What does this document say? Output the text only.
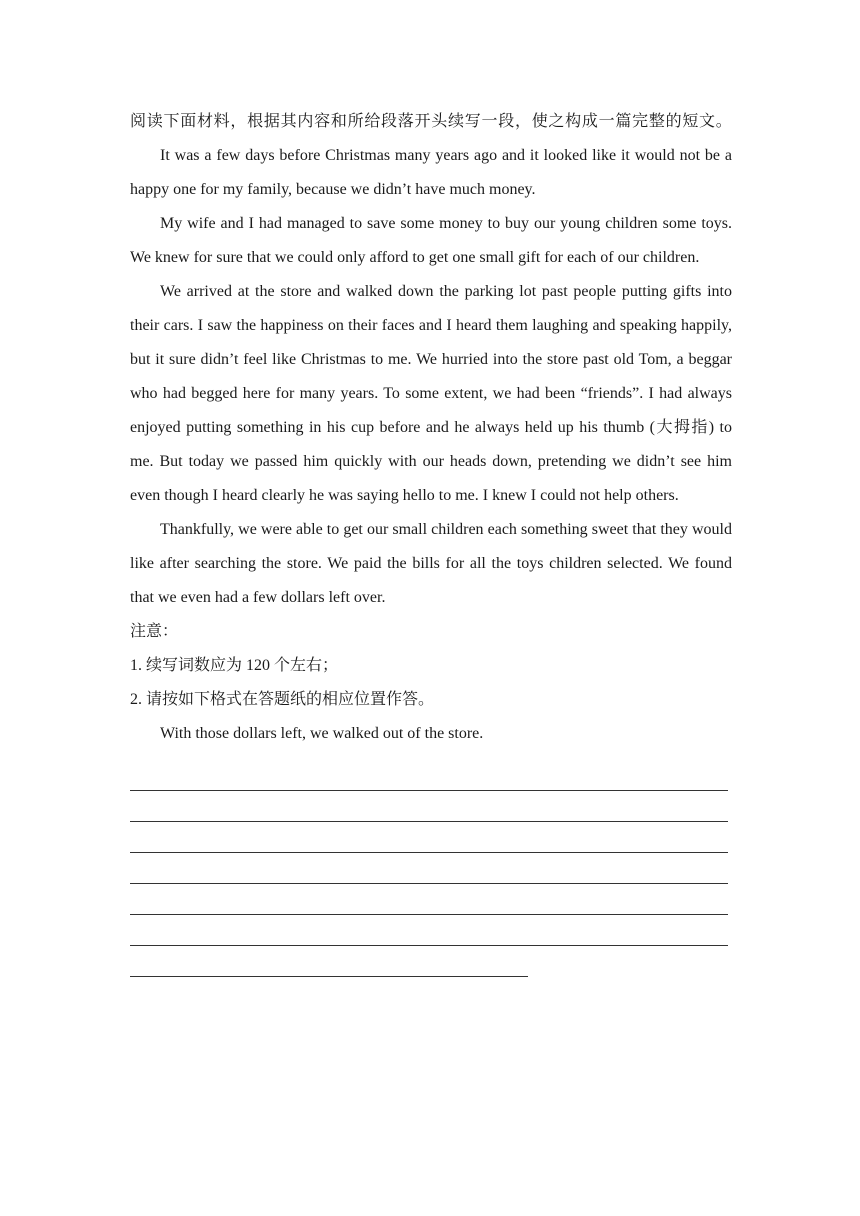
阅读下面材料，根据其内容和所给段落开头续写一段，使之构成一篇完整的短文。

It was a few days before Christmas many years ago and it looked like it would not be a happy one for my family, because we didn’t have much money.

My wife and I had managed to save some money to buy our young children some toys. We knew for sure that we could only afford to get one small gift for each of our children.

We arrived at the store and walked down the parking lot past people putting gifts into their cars. I saw the happiness on their faces and I heard them laughing and speaking happily, but it sure didn’t feel like Christmas to me. We hurried into the store past old Tom, a beggar who had begged here for many years. To some extent, we had been “friends”. I had always enjoyed putting something in his cup before and he always held up his thumb (大拇指) to me. But today we passed him quickly with our heads down, pretending we didn’t see him even though I heard clearly he was saying hello to me. I knew I could not help others.

Thankfully, we were able to get our small children each something sweet that they would like after searching the store. We paid the bills for all the toys children selected. We found that we even had a few dollars left over.

注意：

1. 续写词数应为 120 个左右；

2. 请按如下格式在答题纸的相应位置作答。

With those dollars left, we walked out of the store.
